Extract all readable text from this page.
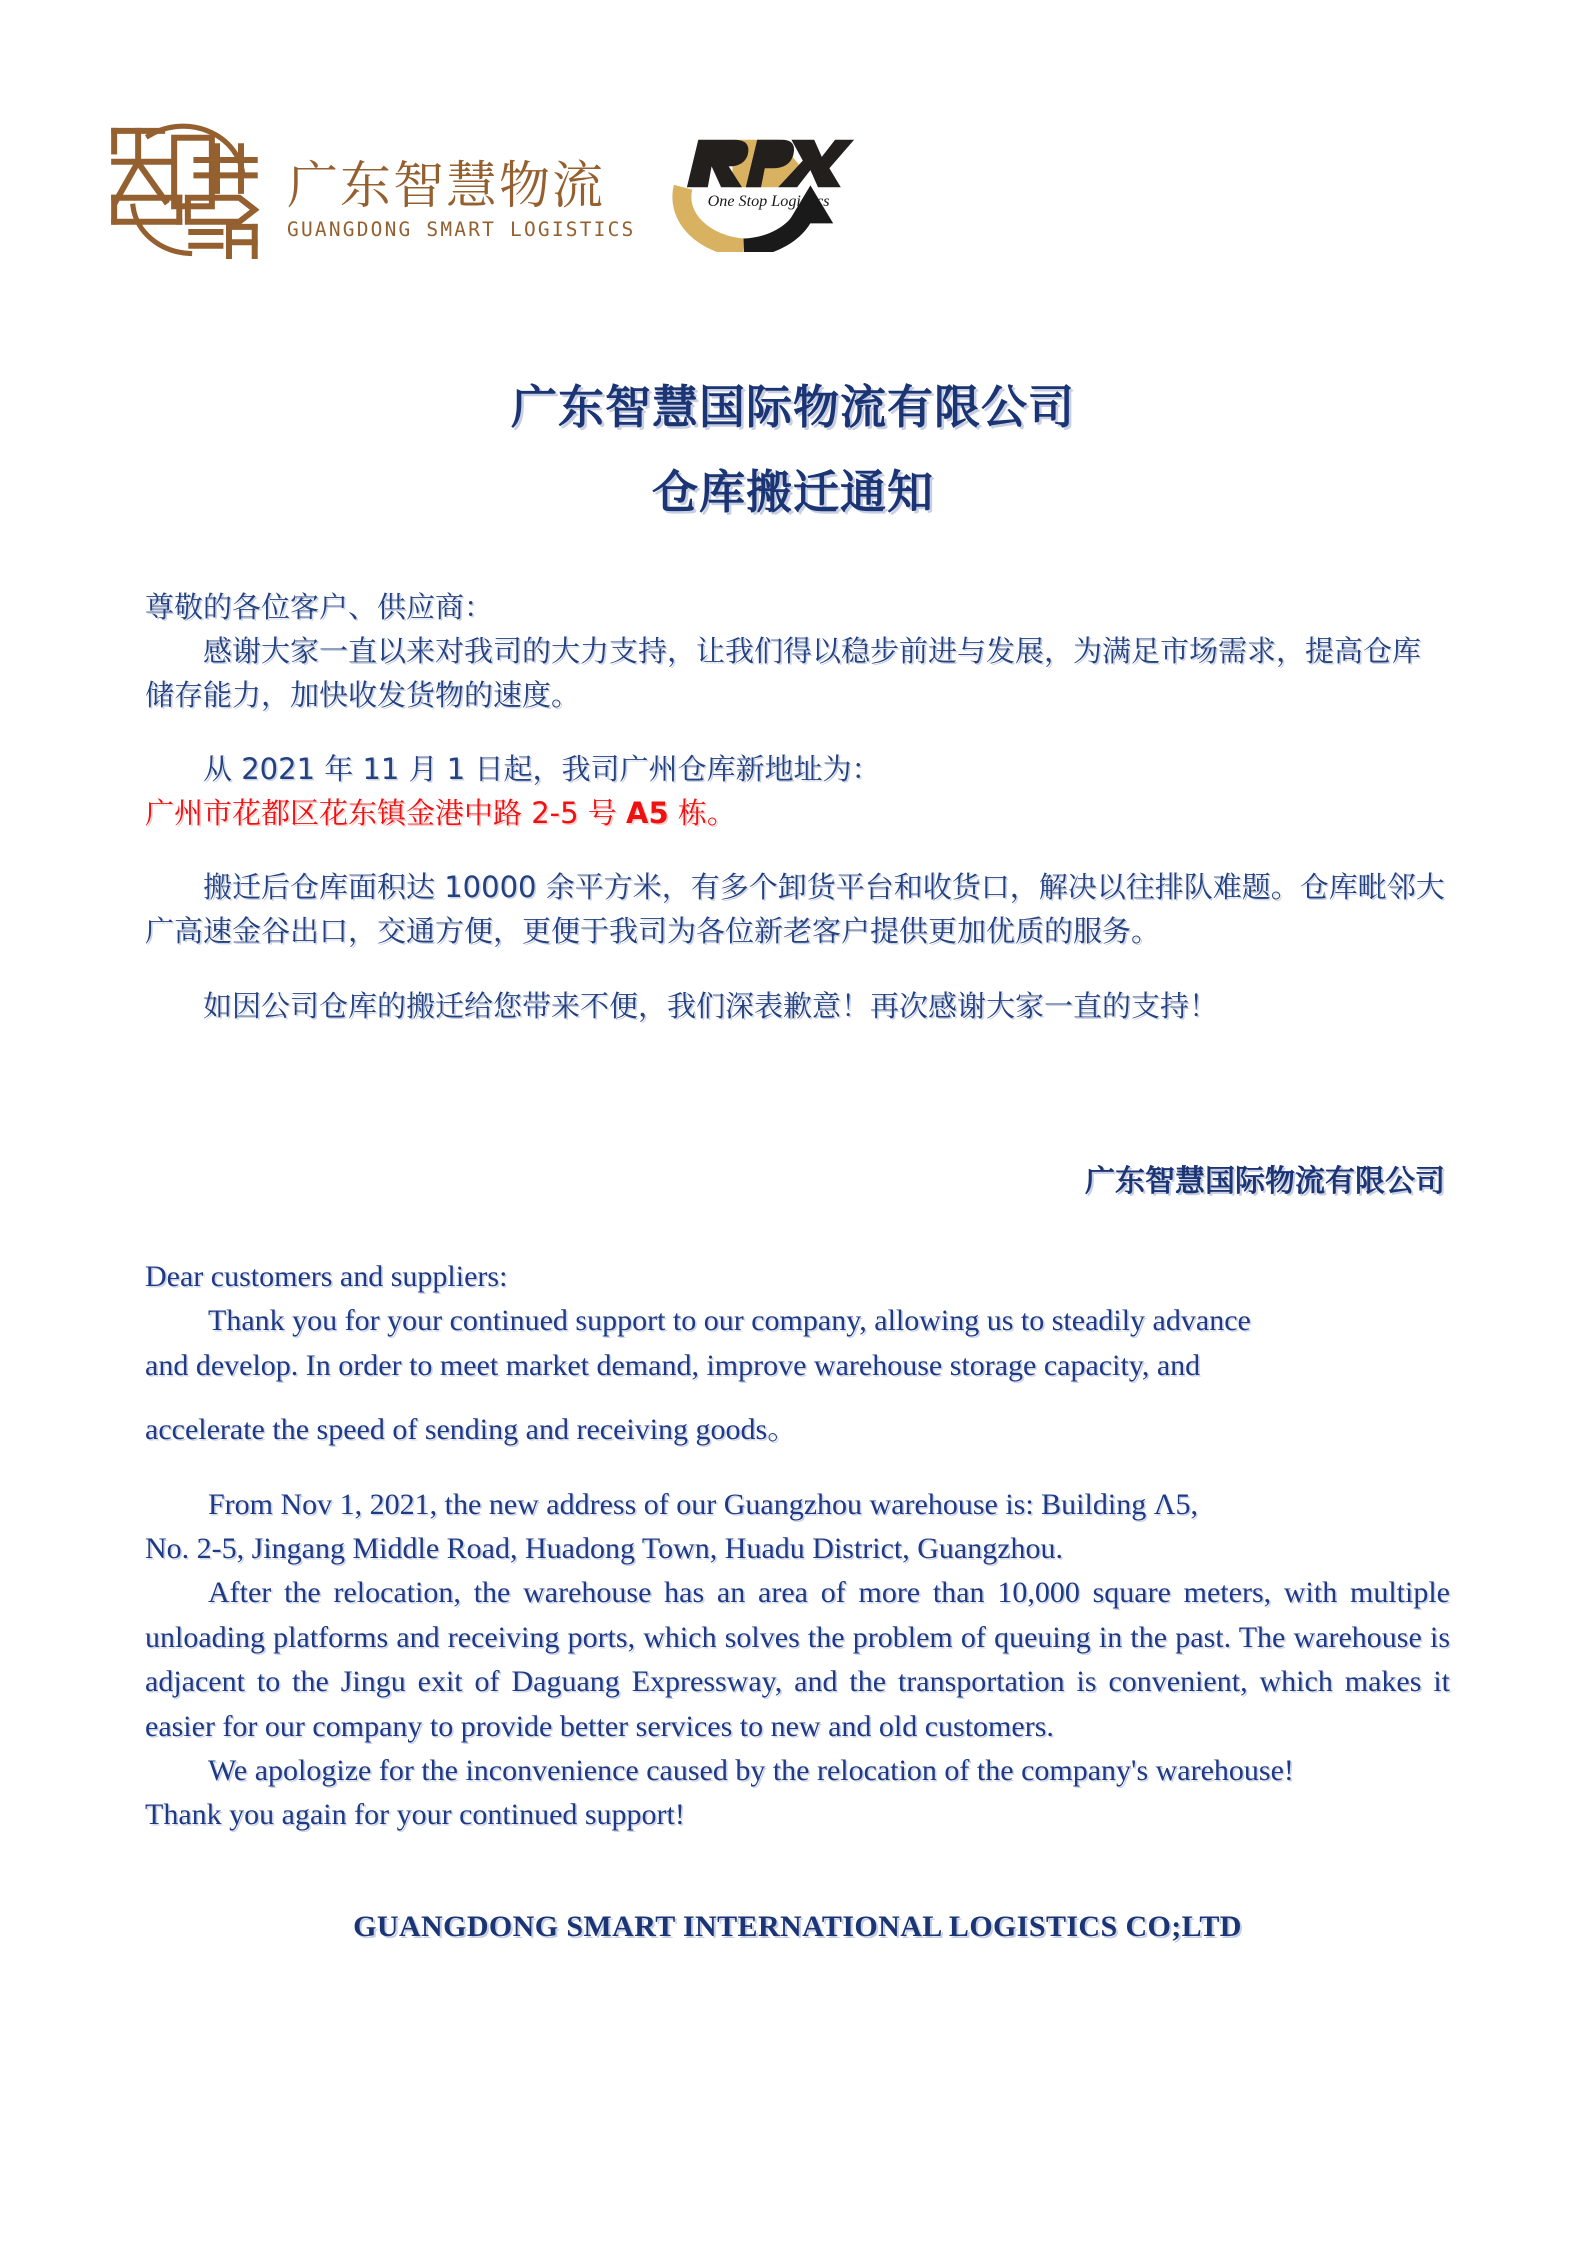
广东智慧物流
GUANGDONG SMART LOGISTICS
One Stop Logistics
广东智慧国际物流有限公司
仓库搬迁通知

尊敬的各位客户、供应商：

感谢大家一直以来对我司的大力支持，让我们得以稳步前进与发展，为满足市场需求，提高仓库储存能力，加快收发货物的速度。

从 2021 年 11 月 1 日起，我司广州仓库新地址为：

广州市花都区花东镇金港中路 2-5 号 A5 栋。

搬迁后仓库面积达 10000 余平方米，有多个卸货平台和收货口，解决以往排队难题。仓库毗邻大广高速金谷出口，交通方便，更便于我司为各位新老客户提供更加优质的服务。

如因公司仓库的搬迁给您带来不便，我们深表歉意！再次感谢大家一直的支持！

广东智慧国际物流有限公司

Dear customers and suppliers:

Thank you for your continued support to our company, allowing us to steadily advance

and develop. In order to meet market demand, improve warehouse storage capacity, and

accelerate the speed of sending and receiving goods。

From Nov 1, 2021, the new address of our Guangzhou warehouse is: Building Λ5,

No. 2-5, Jingang Middle Road, Huadong Town, Huadu District, Guangzhou.

After the relocation, the warehouse has an area of more than 10,000 square meters, with multiple unloading platforms and receiving ports, which solves the problem of queuing in the past. The warehouse is adjacent to the Jingu exit of Daguang Expressway, and the transportation is convenient, which makes it easier for our company to provide better services to new and old customers.

We apologize for the inconvenience caused by the relocation of the company's warehouse!

Thank you again for your continued support!

GUANGDONG SMART INTERNATIONAL LOGISTICS CO;LTD
